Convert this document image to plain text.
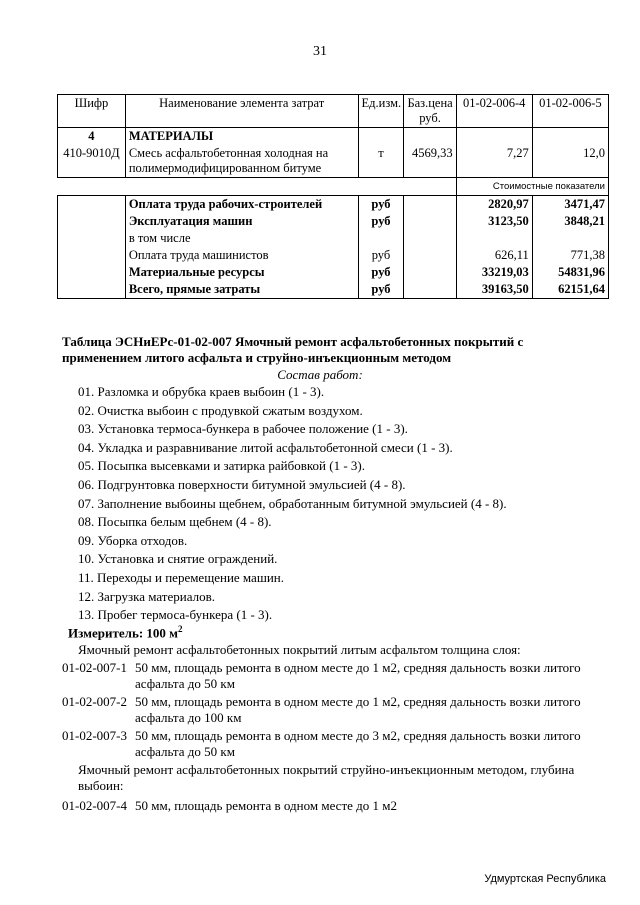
31
Шифр	Наименование элемента затрат	Ед.изм.	Баз.цена руб.	01-02-006-4	01-02-006-5
4	МАТЕРИАЛЫ				
410-9010Д	Смесь асфальтобетонная холодная на полимермодифицированном битуме	т	4569,33	7,27	12,0
				Стоимостные показатели	
	Оплата труда рабочих-строителей	руб		2820,97	3471,47
	Эксплуатация машин	руб		3123,50	3848,21
	в том числе				
	Оплата труда машинистов	руб		626,11	771,38
	Материальные ресурсы	руб		33219,03	54831,96
	Всего, прямые затраты	руб		39163,50	62151,64
Таблица ЭСНиЕРс-01-02-007 Ямочный ремонт асфальтобетонных покрытий с применением литого асфальта и струйно-инъекционным методом
Состав работ:
01. Разломка и обрубка краев выбоин (1 - 3).
02. Очистка выбоин с продувкой сжатым воздухом.
03. Установка термоса-бункера в рабочее положение (1 - 3).
04. Укладка и разравнивание литой асфальтобетонной смеси (1 - 3).
05. Посыпка высевками и затирка райбовкой (1 - 3).
06. Подгрунтовка поверхности битумной эмульсией (4 - 8).
07. Заполнение выбоины щебнем, обработанным битумной эмульсией (4 - 8).
08. Посыпка белым щебнем (4 - 8).
09. Уборка отходов.
10. Установка и снятие ограждений.
11. Переходы и перемещение машин.
12. Загрузка материалов.
13. Пробег термоса-бункера (1 - 3).
Измеритель: 100 $м^2$
Ямочный ремонт асфальтобетонных покрытий литым асфальтом толщина слоя:
01-02-007-1 50 мм, площадь ремонта в одном месте до 1 м2, средняя дальность возки литого асфальта до 50 км
01-02-007-2 50 мм, площадь ремонта в одном месте до 1 м2, средняя дальность возки литого асфальта до 100 км
01-02-007-3 50 мм, площадь ремонта в одном месте до 3 м2, средняя дальность возки литого асфальта до 50 км
Ямочный ремонт асфальтобетонных покрытий струйно-инъекционным методом, глубина выбоин:
01-02-007-4 50 мм, площадь ремонта в одном месте до 1 м2
Удмуртская Республика
